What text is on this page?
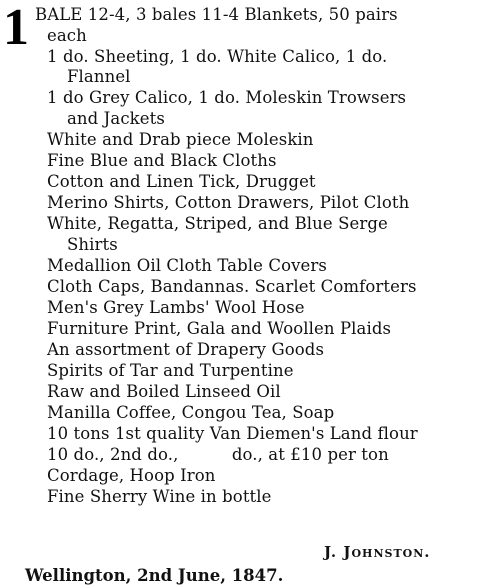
1 BALE 12-4, 3 bales 11-4 Blankets, 50 pairs
each
1 do. Sheeting, 1 do. White Calico, 1 do.
Flannel
1 do Grey Calico, 1 do. Moleskin Trowsers
and Jackets
White and Drab piece Moleskin
Fine Blue and Black Cloths
Cotton and Linen Tick, Drugget
Merino Shirts, Cotton Drawers, Pilot Cloth
White, Regatta, Striped, and Blue Serge
Shirts
Medallion Oil Cloth Table Covers
Cloth Caps, Bandannas. Scarlet Comforters
Men's Grey Lambs' Wool Hose
Furniture Print, Gala and Woollen Plaids
An assortment of Drapery Goods
Spirits of Tar and Turpentine
Raw and Boiled Linseed Oil
Manilla Coffee, Congou Tea, Soap
10 tons 1st quality Van Diemen's Land flour
10 do., 2nd do.,          do., at £10 per ton
Cordage, Hoop Iron
Fine Sherry Wine in bottle
J. Johnston.
Wellington, 2nd June, 1847.
